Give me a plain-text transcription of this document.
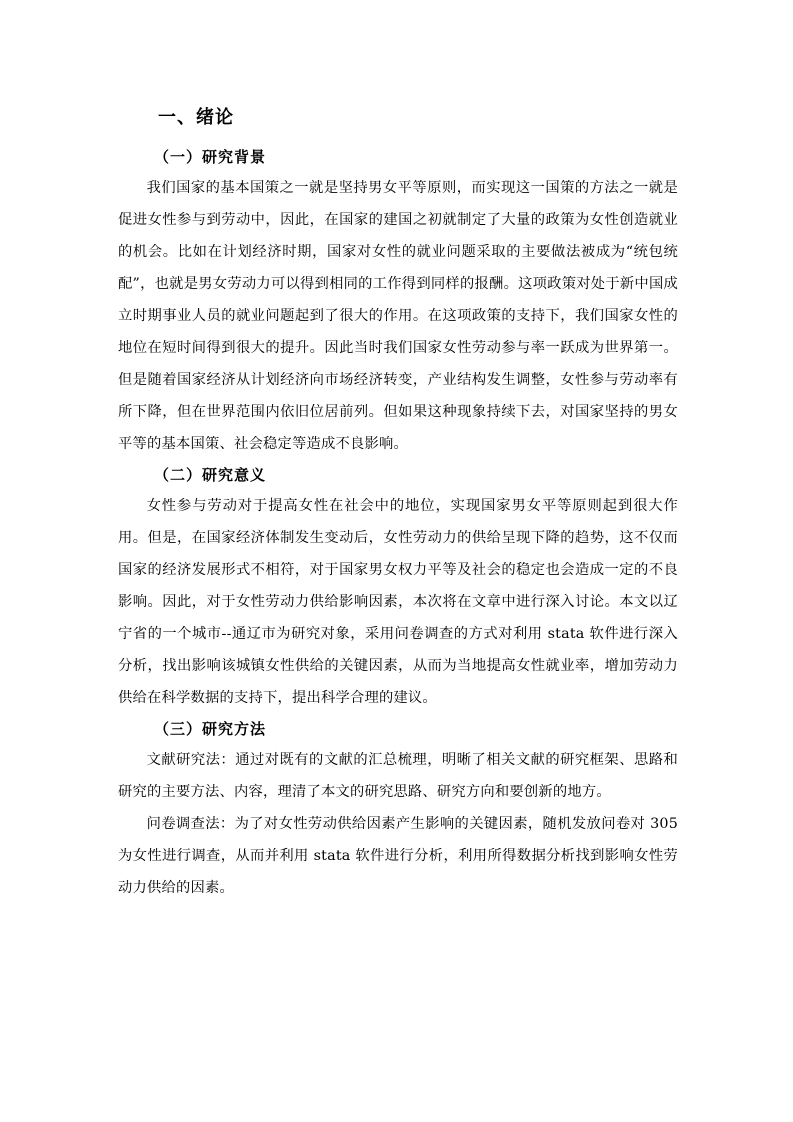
一、绪论
（一）研究背景

我们国家的基本国策之一就是坚持男女平等原则，而实现这一国策的方法之一就是促进女性参与到劳动中，因此，在国家的建国之初就制定了大量的政策为女性创造就业的机会。比如在计划经济时期，国家对女性的就业问题采取的主要做法被成为“统包统配”，也就是男女劳动力可以得到相同的工作得到同样的报酬。这项政策对处于新中国成立时期事业人员的就业问题起到了很大的作用。在这项政策的支持下，我们国家女性的地位在短时间得到很大的提升。因此当时我们国家女性劳动参与率一跃成为世界第一。但是随着国家经济从计划经济向市场经济转变，产业结构发生调整，女性参与劳动率有所下降，但在世界范围内依旧位居前列。但如果这种现象持续下去，对国家坚持的男女平等的基本国策、社会稳定等造成不良影响。

（二）研究意义

女性参与劳动对于提高女性在社会中的地位，实现国家男女平等原则起到很大作用。但是，在国家经济体制发生变动后，女性劳动力的供给呈现下降的趋势，这不仅而国家的经济发展形式不相符，对于国家男女权力平等及社会的稳定也会造成一定的不良影响。因此，对于女性劳动力供给影响因素，本次将在文章中进行深入讨论。本文以辽宁省的一个城市--通辽市为研究对象，采用问卷调查的方式对利用 stata 软件进行深入分析，找出影响该城镇女性供给的关键因素，从而为当地提高女性就业率，增加劳动力供给在科学数据的支持下，提出科学合理的建议。

（三）研究方法

文献研究法：通过对既有的文献的汇总梳理，明晰了相关文献的研究框架、思路和研究的主要方法、内容，理清了本文的研究思路、研究方向和要创新的地方。

问卷调查法：为了对女性劳动供给因素产生影响的关键因素，随机发放问卷对 305 为女性进行调查，从而并利用 stata 软件进行分析，利用所得数据分析找到影响女性劳动力供给的因素。
